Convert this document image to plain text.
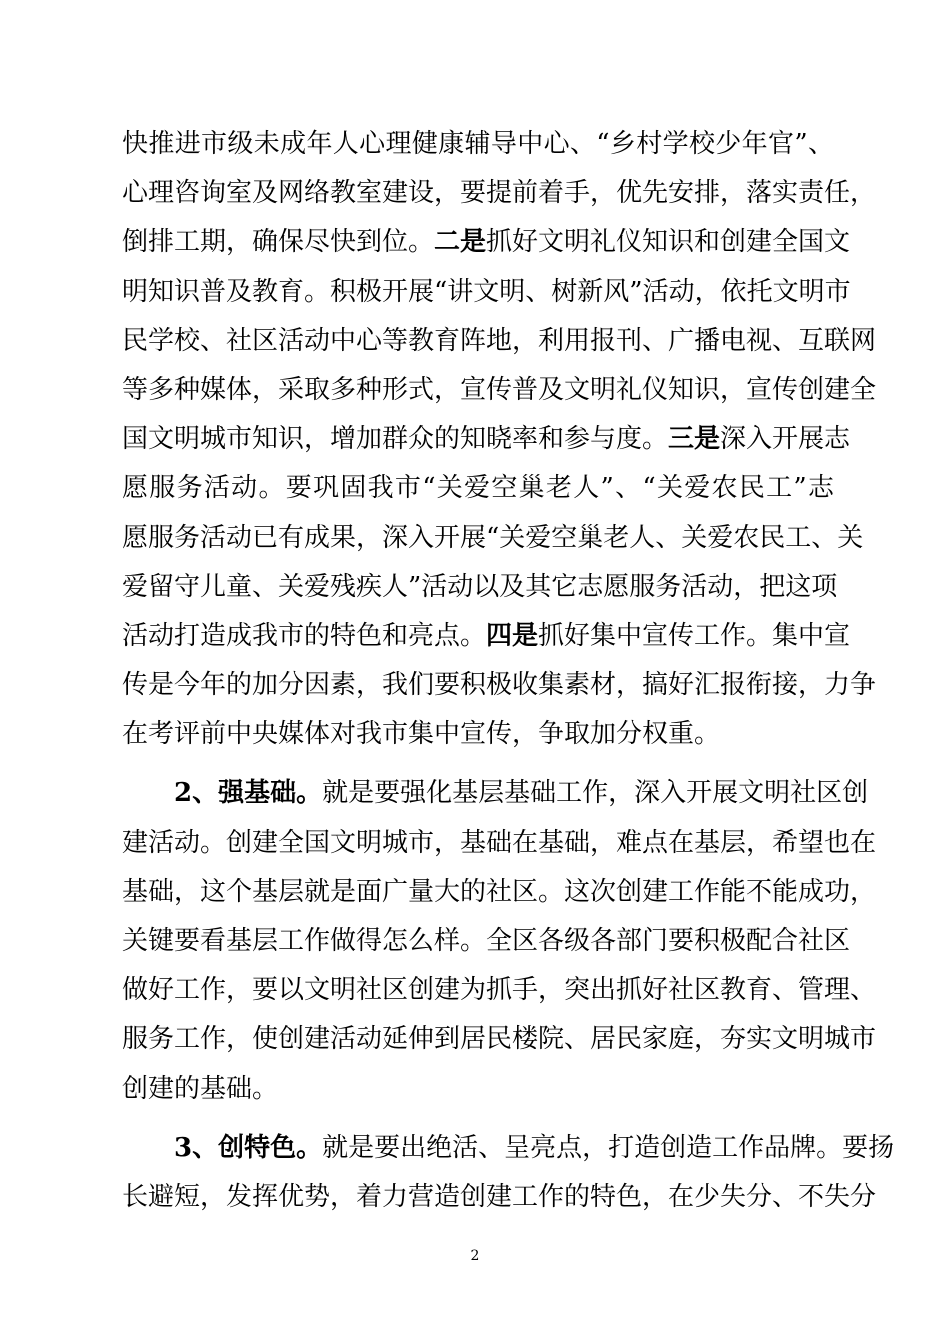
快推进市级未成年人心理健康辅导中心、“乡村学校少年官”、
心理咨询室及网络教室建设，要提前着手，优先安排，落实责任，
倒排工期，确保尽快到位。二是抓好文明礼仪知识和创建全国文
明知识普及教育。积极开展“讲文明、树新风”活动，依托文明市
民学校、社区活动中心等教育阵地，利用报刊、广播电视、互联网
等多种媒体，采取多种形式，宣传普及文明礼仪知识，宣传创建全
国文明城市知识，增加群众的知晓率和参与度。三是深入开展志
愿服务活动。要巩固我市“关爱空巢老人”、“关爱农民工”志
愿服务活动已有成果，深入开展“关爱空巢老人、关爱农民工、关
爱留守儿童、关爱残疾人”活动以及其它志愿服务活动，把这项
活动打造成我市的特色和亮点。四是抓好集中宣传工作。集中宣
传是今年的加分因素，我们要积极收集素材，搞好汇报衔接，力争
在考评前中央媒体对我市集中宣传，争取加分权重。
2、强基础。就是要强化基层基础工作，深入开展文明社区创
建活动。创建全国文明城市，基础在基础，难点在基层，希望也在
基础，这个基层就是面广量大的社区。这次创建工作能不能成功，
关键要看基层工作做得怎么样。全区各级各部门要积极配合社区
做好工作，要以文明社区创建为抓手，突出抓好社区教育、管理、
服务工作，使创建活动延伸到居民楼院、居民家庭，夯实文明城市
创建的基础。
3、创特色。就是要出绝活、呈亮点，打造创造工作品牌。要扬
长避短，发挥优势，着力营造创建工作的特色，在少失分、不失分
2
